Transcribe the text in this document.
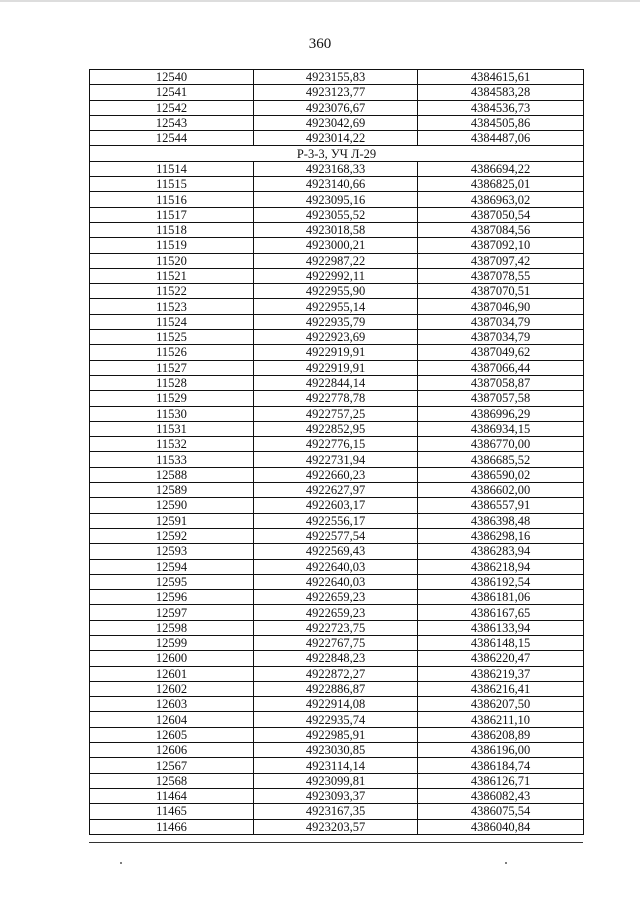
360
12540	4923155,83	4384615,61
12541	4923123,77	4384583,28
12542	4923076,67	4384536,73
12543	4923042,69	4384505,86
12544	4923014,22	4384487,06
Р-3-3, УЧ Л-29		
11514	4923168,33	4386694,22
11515	4923140,66	4386825,01
11516	4923095,16	4386963,02
11517	4923055,52	4387050,54
11518	4923018,58	4387084,56
11519	4923000,21	4387092,10
11520	4922987,22	4387097,42
11521	4922992,11	4387078,55
11522	4922955,90	4387070,51
11523	4922955,14	4387046,90
11524	4922935,79	4387034,79
11525	4922923,69	4387034,79
11526	4922919,91	4387049,62
11527	4922919,91	4387066,44
11528	4922844,14	4387058,87
11529	4922778,78	4387057,58
11530	4922757,25	4386996,29
11531	4922852,95	4386934,15
11532	4922776,15	4386770,00
11533	4922731,94	4386685,52
12588	4922660,23	4386590,02
12589	4922627,97	4386602,00
12590	4922603,17	4386557,91
12591	4922556,17	4386398,48
12592	4922577,54	4386298,16
12593	4922569,43	4386283,94
12594	4922640,03	4386218,94
12595	4922640,03	4386192,54
12596	4922659,23	4386181,06
12597	4922659,23	4386167,65
12598	4922723,75	4386133,94
12599	4922767,75	4386148,15
12600	4922848,23	4386220,47
12601	4922872,27	4386219,37
12602	4922886,87	4386216,41
12603	4922914,08	4386207,50
12604	4922935,74	4386211,10
12605	4922985,91	4386208,89
12606	4923030,85	4386196,00
12567	4923114,14	4386184,74
12568	4923099,81	4386126,71
11464	4923093,37	4386082,43
11465	4923167,35	4386075,54
11466	4923203,57	4386040,84
